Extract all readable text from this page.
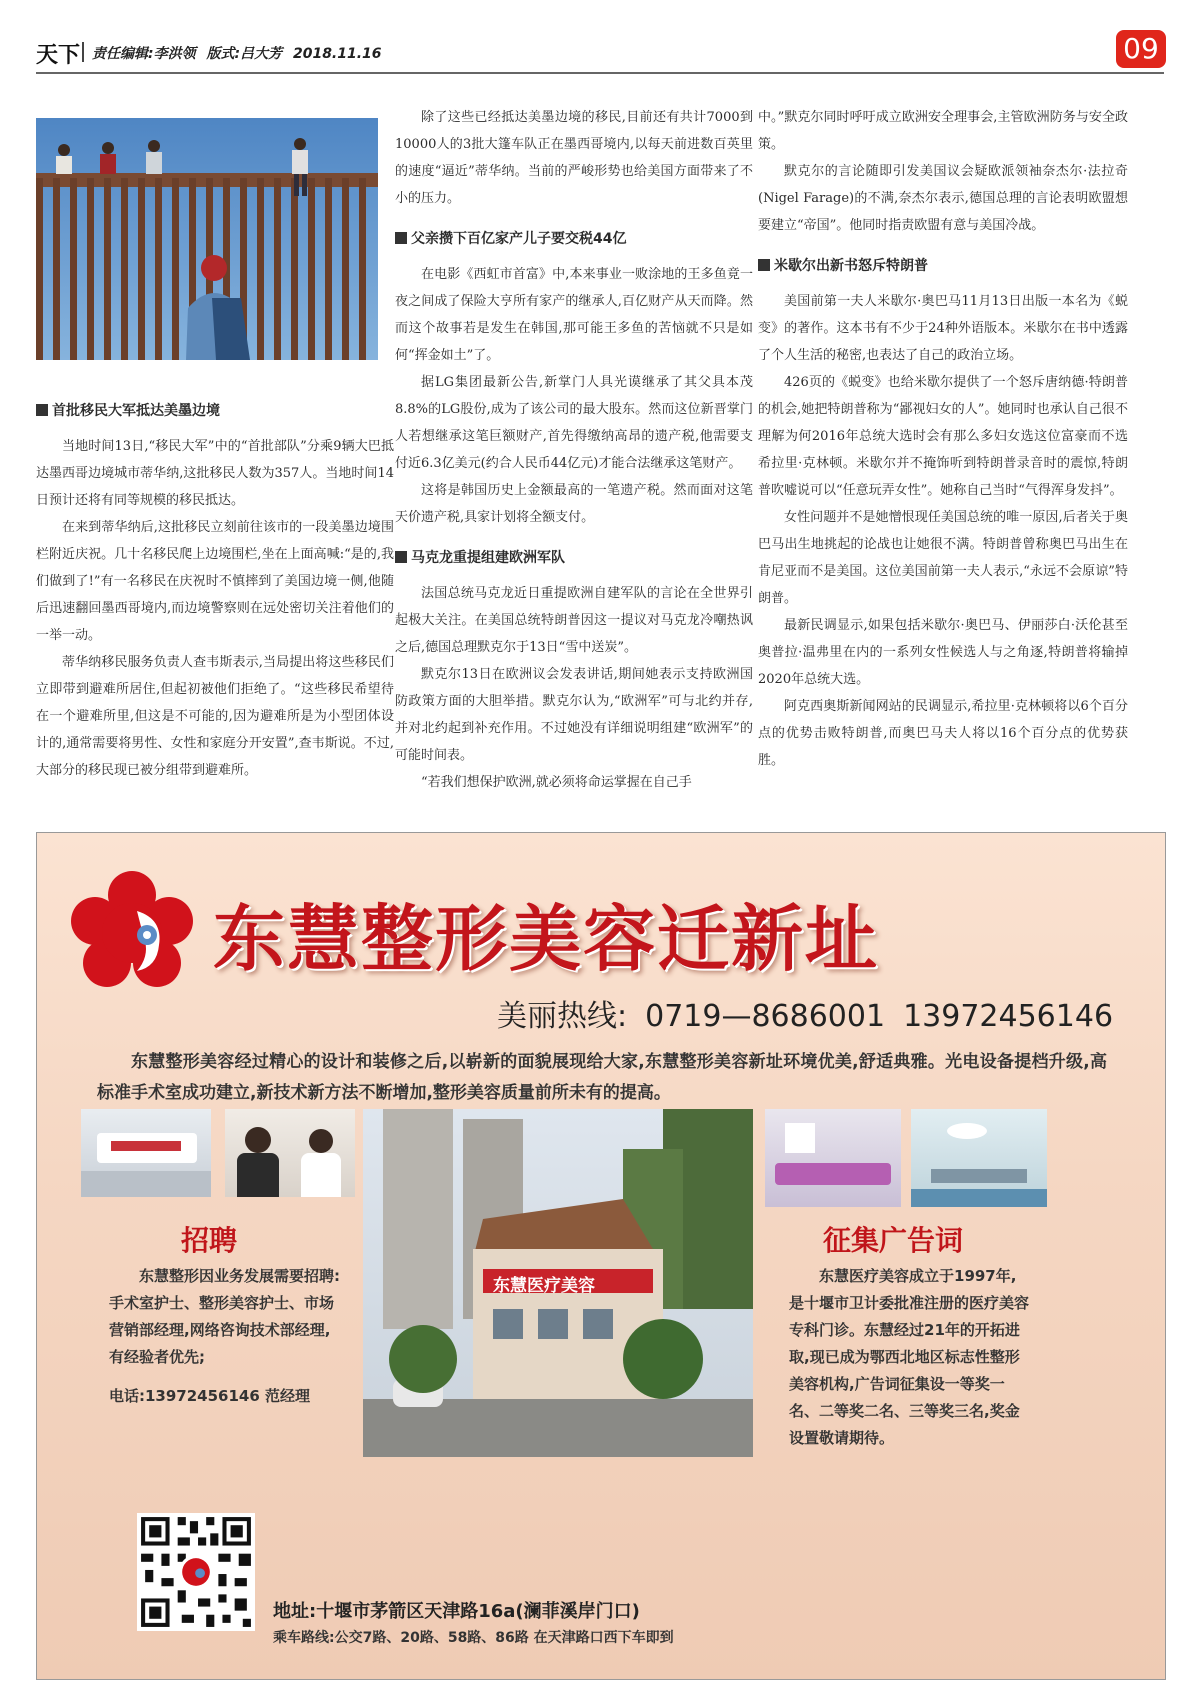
天下 责任编辑:李洪领 版式:吕大芳 2018.11.16	09
首批移民大军抵达美墨边境

当地时间13日,“移民大军”中的“首批部队”分乘9辆大巴抵达墨西哥边境城市蒂华纳,这批移民人数为357人。当地时间14日预计还将有同等规模的移民抵达。

在来到蒂华纳后,这批移民立刻前往该市的一段美墨边境围栏附近庆祝。几十名移民爬上边境围栏,坐在上面高喊:“是的,我们做到了!”有一名移民在庆祝时不慎摔到了美国边境一侧,他随后迅速翻回墨西哥境内,而边境警察则在远处密切关注着他们的一举一动。

蒂华纳移民服务负责人查韦斯表示,当局提出将这些移民们立即带到避难所居住,但起初被他们拒绝了。“这些移民希望待在一个避难所里,但这是不可能的,因为避难所是为小型团体设计的,通常需要将男性、女性和家庭分开安置”,查韦斯说。不过,大部分的移民现已被分组带到避难所。

除了这些已经抵达美墨边境的移民,目前还有共计7000到10000人的3批大篷车队正在墨西哥境内,以每天前进数百英里的速度“逼近”蒂华纳。当前的严峻形势也给美国方面带来了不小的压力。

父亲攒下百亿家产儿子要交税44亿

在电影《西虹市首富》中,本来事业一败涂地的王多鱼竟一夜之间成了保险大亨所有家产的继承人,百亿财产从天而降。然而这个故事若是发生在韩国,那可能王多鱼的苦恼就不只是如何“挥金如土”了。

据LG集团最新公告,新掌门人具光谟继承了其父具本茂8.8%的LG股份,成为了该公司的最大股东。然而这位新晋掌门人若想继承这笔巨额财产,首先得缴纳高昂的遗产税,他需要支付近6.3亿美元(约合人民币44亿元)才能合法继承这笔财产。

这将是韩国历史上金额最高的一笔遗产税。然而面对这笔天价遗产税,具家计划将全额支付。

马克龙重提组建欧洲军队

法国总统马克龙近日重提欧洲自建军队的言论在全世界引起极大关注。在美国总统特朗普因这一提议对马克龙冷嘲热讽之后,德国总理默克尔于13日“雪中送炭”。

默克尔13日在欧洲议会发表讲话,期间她表示支持欧洲国防政策方面的大胆举措。默克尔认为,“欧洲军”可与北约并存,并对北约起到补充作用。不过她没有详细说明组建“欧洲军”的可能时间表。

“若我们想保护欧洲,就必须将命运掌握在自己手

中。”默克尔同时呼吁成立欧洲安全理事会,主管欧洲防务与安全政策。

默克尔的言论随即引发美国议会疑欧派领袖奈杰尔·法拉奇(Nigel Farage)的不满,奈杰尔表示,德国总理的言论表明欧盟想要建立“帝国”。他同时指责欧盟有意与美国冷战。

米歇尔出新书怒斥特朗普

美国前第一夫人米歇尔·奥巴马11月13日出版一本名为《蜕变》的著作。这本书有不少于24种外语版本。米歇尔在书中透露了个人生活的秘密,也表达了自己的政治立场。

426页的《蜕变》也给米歇尔提供了一个怒斥唐纳德·特朗普的机会,她把特朗普称为“鄙视妇女的人”。她同时也承认自己很不理解为何2016年总统大选时会有那么多妇女选这位富豪而不选希拉里·克林顿。米歇尔并不掩饰听到特朗普录音时的震惊,特朗普吹嘘说可以“任意玩弄女性”。她称自己当时“气得浑身发抖”。

女性问题并不是她憎恨现任美国总统的唯一原因,后者关于奥巴马出生地挑起的论战也让她很不满。特朗普曾称奥巴马出生在肯尼亚而不是美国。这位美国前第一夫人表示,“永远不会原谅”特朗普。

最新民调显示,如果包括米歇尔·奥巴马、伊丽莎白·沃伦甚至奥普拉·温弗里在内的一系列女性候选人与之角逐,特朗普将输掉2020年总统大选。

阿克西奥斯新闻网站的民调显示,希拉里·克林顿将以6个百分点的优势击败特朗普,而奥巴马夫人将以16个百分点的优势获胜。

东慧整形美容迁新址
美丽热线: 0719—8686001 13972456146
东慧整形美容经过精心的设计和装修之后,以崭新的面貌展现给大家,东慧整形美容新址环境优美,舒适典雅。光电设备提档升级,高标准手术室成功建立,新技术新方法不断增加,整形美容质量前所未有的提高。
东慧医疗美容
招聘
东慧整形因业务发展需要招聘:手术室护士、整形美容护士、市场营销部经理,网络咨询技术部经理,有经验者优先;
电话:13972456146 范经理
征集广告词
东慧医疗美容成立于1997年,是十堰市卫计委批准注册的医疗美容专科门诊。东慧经过21年的开拓进取,现已成为鄂西北地区标志性整形美容机构,广告词征集设一等奖一名、二等奖二名、三等奖三名,奖金设置敬请期待。
地址:十堰市茅箭区天津路16a(澜菲溪岸门口)
乘车路线:公交7路、20路、58路、86路 在天津路口西下车即到
